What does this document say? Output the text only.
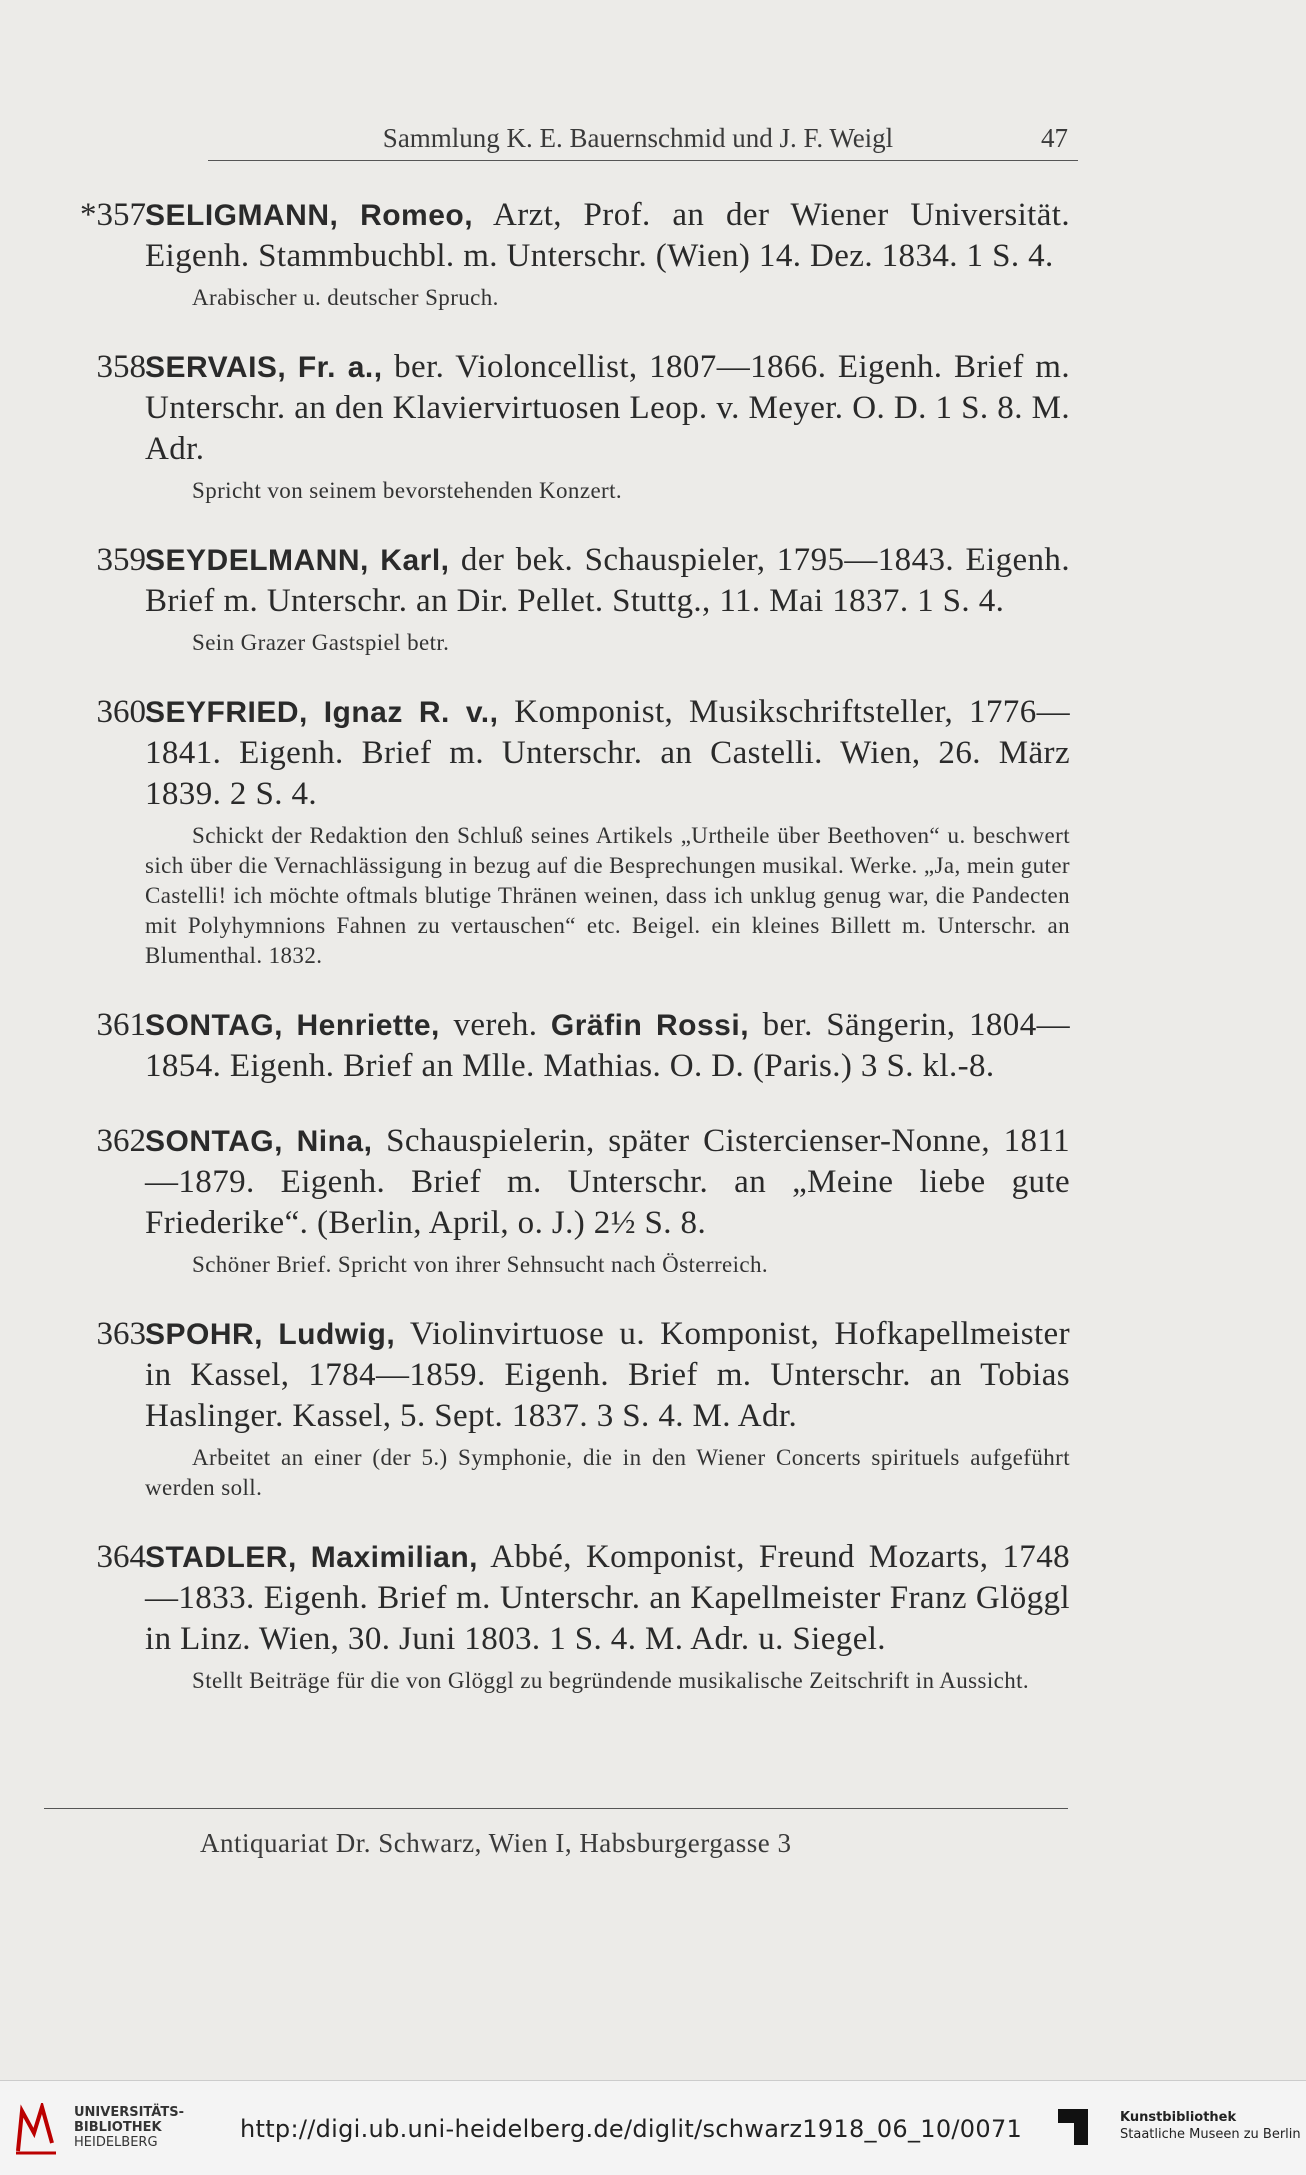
Sammlung K. E. Bauernschmid und J. F. Weigl	47
*357 SELIGMANN, Romeo, Arzt, Prof. an der Wiener Universität. Eigenh. Stammbuchbl. m. Unterschr. (Wien) 14. Dez. 1834. 1 S. 4.
Arabischer u. deutscher Spruch.
358 SERVAIS, Fr. a., ber. Violoncellist, 1807—1866. Eigenh. Brief m. Unterschr. an den Klaviervirtuosen Leop. v. Meyer. O. D. 1 S. 8. M. Adr.
Spricht von seinem bevorstehenden Konzert.
359 SEYDELMANN, Karl, der bek. Schauspieler, 1795—1843. Eigenh. Brief m. Unterschr. an Dir. Pellet. Stuttg., 11. Mai 1837. 1 S. 4.
Sein Grazer Gastspiel betr.
360 SEYFRIED, Ignaz R. v., Komponist, Musikschriftsteller, 1776—1841. Eigenh. Brief m. Unterschr. an Castelli. Wien, 26. März 1839. 2 S. 4.
Schickt der Redaktion den Schluß seines Artikels „Urtheile über Beethoven“ u. beschwert sich über die Vernachlässigung in bezug auf die Besprechungen musikal. Werke. „Ja, mein guter Castelli! ich möchte oftmals blutige Thränen weinen, dass ich unklug genug war, die Pandecten mit Polyhymnions Fahnen zu vertauschen“ etc. Beigel. ein kleines Billett m. Unterschr. an Blumenthal. 1832.
361 SONTAG, Henriette, vereh. Gräfin Rossi, ber. Sängerin, 1804—1854. Eigenh. Brief an Mlle. Mathias. O. D. (Paris.) 3 S. kl.-8.
362 SONTAG, Nina, Schauspielerin, später Cistercienser-Nonne, 1811—1879. Eigenh. Brief m. Unterschr. an „Meine liebe gute Friederike“. (Berlin, April, o. J.) 2½ S. 8.
Schöner Brief. Spricht von ihrer Sehnsucht nach Österreich.
363 SPOHR, Ludwig, Violinvirtuose u. Komponist, Hofkapellmeister in Kassel, 1784—1859. Eigenh. Brief m. Unterschr. an Tobias Haslinger. Kassel, 5. Sept. 1837. 3 S. 4. M. Adr.
Arbeitet an einer (der 5.) Symphonie, die in den Wiener Concerts spirituels aufgeführt werden soll.
364 STADLER, Maximilian, Abbé, Komponist, Freund Mozarts, 1748—1833. Eigenh. Brief m. Unterschr. an Kapellmeister Franz Glöggl in Linz. Wien, 30. Juni 1803. 1 S. 4. M. Adr. u. Siegel.
Stellt Beiträge für die von Glöggl zu begründende musikalische Zeitschrift in Aussicht.
Antiquariat Dr. Schwarz, Wien I, Habsburgergasse 3
UNIVERSITÄTS-
BIBLIOTHEK
HEIDELBERG	http://digi.ub.uni-heidelberg.de/diglit/schwarz1918_06_10/0071	Kunstbibliothek
Staatliche Museen zu Berlin
